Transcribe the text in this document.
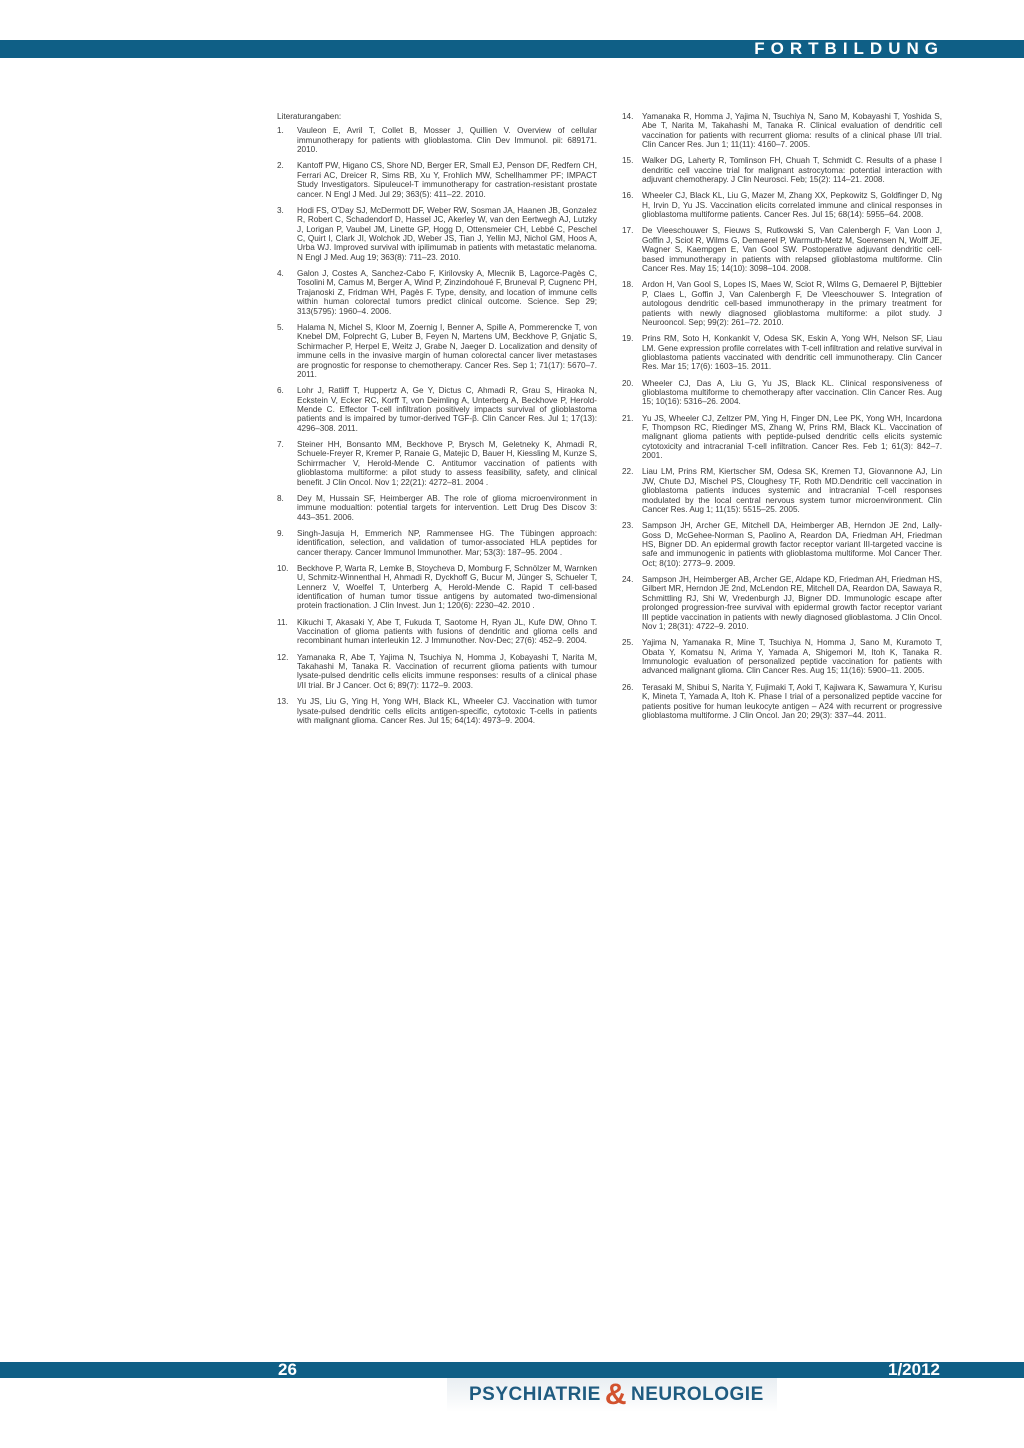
FORTBILDUNG
Literaturangaben:
1. Vauleon E, Avril T, Collet B, Mosser J, Quillien V. Overview of cellular immunotherapy for patients with glioblastoma. Clin Dev Immunol. pii: 689171. 2010.
2. Kantoff PW, Higano CS, Shore ND, Berger ER, Small EJ, Penson DF, Redfern CH, Ferrari AC, Dreicer R, Sims RB, Xu Y, Frohlich MW, Schellhammer PF; IMPACT Study Investigators. Sipuleucel-T immunotherapy for castration-resistant prostate cancer. N Engl J Med. Jul 29; 363(5): 411–22. 2010.
3. Hodi FS, O'Day SJ, McDermott DF, Weber RW, Sosman JA, Haanen JB, Gonzalez R, Robert C, Schadendorf D, Hassel JC, Akerley W, van den Eertwegh AJ, Lutzky J, Lorigan P, Vaubel JM, Linette GP, Hogg D, Ottensmeier CH, Lebbé C, Peschel C, Quirt I, Clark JI, Wolchok JD, Weber JS, Tian J, Yellin MJ, Nichol GM, Hoos A, Urba WJ. Improved survival with ipilimumab in patients with metastatic melanoma. N Engl J Med. Aug 19; 363(8): 711–23. 2010.
4. Galon J, Costes A, Sanchez-Cabo F, Kirilovsky A, Mlecnik B, Lagorce-Pagès C, Tosolini M, Camus M, Berger A, Wind P, Zinzindohoué F, Bruneval P, Cugnenc PH, Trajanoski Z, Fridman WH, Pagès F. Type, density, and location of immune cells within human colorectal tumors predict clinical outcome. Science. Sep 29; 313(5795): 1960–4. 2006.
5. Halama N, Michel S, Kloor M, Zoernig I, Benner A, Spille A, Pommerencke T, von Knebel DM, Folprecht G, Luber B, Feyen N, Martens UM, Beckhove P, Gnjatic S, Schirmacher P, Herpel E, Weitz J, Grabe N, Jaeger D. Localization and density of immune cells in the invasive margin of human colorectal cancer liver metastases are prognostic for response to chemotherapy. Cancer Res. Sep 1; 71(17): 5670–7. 2011.
6. Lohr J, Ratliff T, Huppertz A, Ge Y, Dictus C, Ahmadi R, Grau S, Hiraoka N, Eckstein V, Ecker RC, Korff T, von Deimling A, Unterberg A, Beckhove P, Herold-Mende C. Effector T-cell infiltration positively impacts survival of glioblastoma patients and is impaired by tumor-derived TGF-β. Clin Cancer Res. Jul 1; 17(13): 4296–308. 2011.
7. Steiner HH, Bonsanto MM, Beckhove P, Brysch M, Geletneky K, Ahmadi R, Schuele-Freyer R, Kremer P, Ranaie G, Matejic D, Bauer H, Kiessling M, Kunze S, Schirrmacher V, Herold-Mende C. Antitumor vaccination of patients with glioblastoma multiforme: a pilot study to assess feasibility, safety, and clinical benefit. J Clin Oncol. Nov 1; 22(21): 4272–81. 2004 .
8. Dey M, Hussain SF, Heimberger AB. The role of glioma microenvironment in immune modualtion: potential targets for intervention. Lett Drug Des Discov 3: 443–351. 2006.
9. Singh-Jasuja H, Emmerich NP, Rammensee HG. The Tübingen approach: identification, selection, and validation of tumor-associated HLA peptides for cancer therapy. Cancer Immunol Immunother. Mar; 53(3): 187–95. 2004 .
10. Beckhove P, Warta R, Lemke B, Stoycheva D, Momburg F, Schnölzer M, Warnken U, Schmitz-Winnenthal H, Ahmadi R, Dyckhoff G, Bucur M, Jünger S, Schueler T, Lennerz V, Woelfel T, Unterberg A, Herold-Mende C. Rapid T cell-based identification of human tumor tissue antigens by automated two-dimensional protein fractionation. J Clin Invest. Jun 1; 120(6): 2230–42. 2010 .
11. Kikuchi T, Akasaki Y, Abe T, Fukuda T, Saotome H, Ryan JL, Kufe DW, Ohno T. Vaccination of glioma patients with fusions of dendritic and glioma cells and recombinant human interleukin 12. J Immunother. Nov-Dec; 27(6): 452–9. 2004.
12. Yamanaka R, Abe T, Yajima N, Tsuchiya N, Homma J, Kobayashi T, Narita M, Takahashi M, Tanaka R. Vaccination of recurrent glioma patients with tumour lysate-pulsed dendritic cells elicits immune responses: results of a clinical phase I/II trial. Br J Cancer. Oct 6; 89(7): 1172–9. 2003.
13. Yu JS, Liu G, Ying H, Yong WH, Black KL, Wheeler CJ. Vaccination with tumor lysate-pulsed dendritic cells elicits antigen-specific, cytotoxic T-cells in patients with malignant glioma. Cancer Res. Jul 15; 64(14): 4973–9. 2004.
14. Yamanaka R, Homma J, Yajima N, Tsuchiya N, Sano M, Kobayashi T, Yoshida S, Abe T, Narita M, Takahashi M, Tanaka R. Clinical evaluation of dendritic cell vaccination for patients with recurrent glioma: results of a clinical phase I/II trial. Clin Cancer Res. Jun 1; 11(11): 4160–7. 2005.
15. Walker DG, Laherty R, Tomlinson FH, Chuah T, Schmidt C. Results of a phase I dendritic cell vaccine trial for malignant astrocytoma: potential interaction with adjuvant chemotherapy. J Clin Neurosci. Feb; 15(2): 114–21. 2008.
16. Wheeler CJ, Black KL, Liu G, Mazer M, Zhang XX, Pepkowitz S, Goldfinger D, Ng H, Irvin D, Yu JS. Vaccination elicits correlated immune and clinical responses in glioblastoma multiforme patients. Cancer Res. Jul 15; 68(14): 5955–64. 2008.
17. De Vleeschouwer S, Fieuws S, Rutkowski S, Van Calenbergh F, Van Loon J, Goffin J, Sciot R, Wilms G, Demaerel P, Warmuth-Metz M, Soerensen N, Wolff JE, Wagner S, Kaempgen E, Van Gool SW. Postoperative adjuvant dendritic cell-based immunotherapy in patients with relapsed glioblastoma multiforme. Clin Cancer Res. May 15; 14(10): 3098–104. 2008.
18. Ardon H, Van Gool S, Lopes IS, Maes W, Sciot R, Wilms G, Demaerel P, Bijttebier P, Claes L, Goffin J, Van Calenbergh F, De Vleeschouwer S. Integration of autologous dendritic cell-based immunotherapy in the primary treatment for patients with newly diagnosed glioblastoma multiforme: a pilot study. J Neurooncol. Sep; 99(2): 261–72. 2010.
19. Prins RM, Soto H, Konkankit V, Odesa SK, Eskin A, Yong WH, Nelson SF, Liau LM. Gene expression profile correlates with T-cell infiltration and relative survival in glioblastoma patients vaccinated with dendritic cell immunotherapy. Clin Cancer Res. Mar 15; 17(6): 1603–15. 2011.
20. Wheeler CJ, Das A, Liu G, Yu JS, Black KL. Clinical responsiveness of glioblastoma multiforme to chemotherapy after vaccination. Clin Cancer Res. Aug 15; 10(16): 5316–26. 2004.
21. Yu JS, Wheeler CJ, Zeltzer PM, Ying H, Finger DN, Lee PK, Yong WH, Incardona F, Thompson RC, Riedinger MS, Zhang W, Prins RM, Black KL. Vaccination of malignant glioma patients with peptide-pulsed dendritic cells elicits systemic cytotoxicity and intracranial T-cell infiltration. Cancer Res. Feb 1; 61(3): 842–7. 2001.
22. Liau LM, Prins RM, Kiertscher SM, Odesa SK, Kremen TJ, Giovannone AJ, Lin JW, Chute DJ, Mischel PS, Cloughesy TF, Roth MD.Dendritic cell vaccination in glioblastoma patients induces systemic and intracranial T-cell responses modulated by the local central nervous system tumor microenvironment. Clin Cancer Res. Aug 1; 11(15): 5515–25. 2005.
23. Sampson JH, Archer GE, Mitchell DA, Heimberger AB, Herndon JE 2nd, Lally-Goss D, McGehee-Norman S, Paolino A, Reardon DA, Friedman AH, Friedman HS, Bigner DD. An epidermal growth factor receptor variant III-targeted vaccine is safe and immunogenic in patients with glioblastoma multiforme. Mol Cancer Ther. Oct; 8(10): 2773–9. 2009.
24. Sampson JH, Heimberger AB, Archer GE, Aldape KD, Friedman AH, Friedman HS, Gilbert MR, Herndon JE 2nd, McLendon RE, Mitchell DA, Reardon DA, Sawaya R, Schmittling RJ, Shi W, Vredenburgh JJ, Bigner DD. Immunologic escape after prolonged progression-free survival with epidermal growth factor receptor variant III peptide vaccination in patients with newly diagnosed glioblastoma. J Clin Oncol. Nov 1; 28(31): 4722–9. 2010.
25. Yajima N, Yamanaka R, Mine T, Tsuchiya N, Homma J, Sano M, Kuramoto T, Obata Y, Komatsu N, Arima Y, Yamada A, Shigemori M, Itoh K, Tanaka R. Immunologic evaluation of personalized peptide vaccination for patients with advanced malignant glioma. Clin Cancer Res. Aug 15; 11(16): 5900–11. 2005.
26. Terasaki M, Shibui S, Narita Y, Fujimaki T, Aoki T, Kajiwara K, Sawamura Y, Kurisu K, Mineta T, Yamada A, Itoh K. Phase I trial of a personalized peptide vaccine for patients positive for human leukocyte antigen – A24 with recurrent or progressive glioblastoma multiforme. J Clin Oncol. Jan 20; 29(3): 337–44. 2011.
26	1/2012
PSYCHIATRIE & NEUROLOGIE
